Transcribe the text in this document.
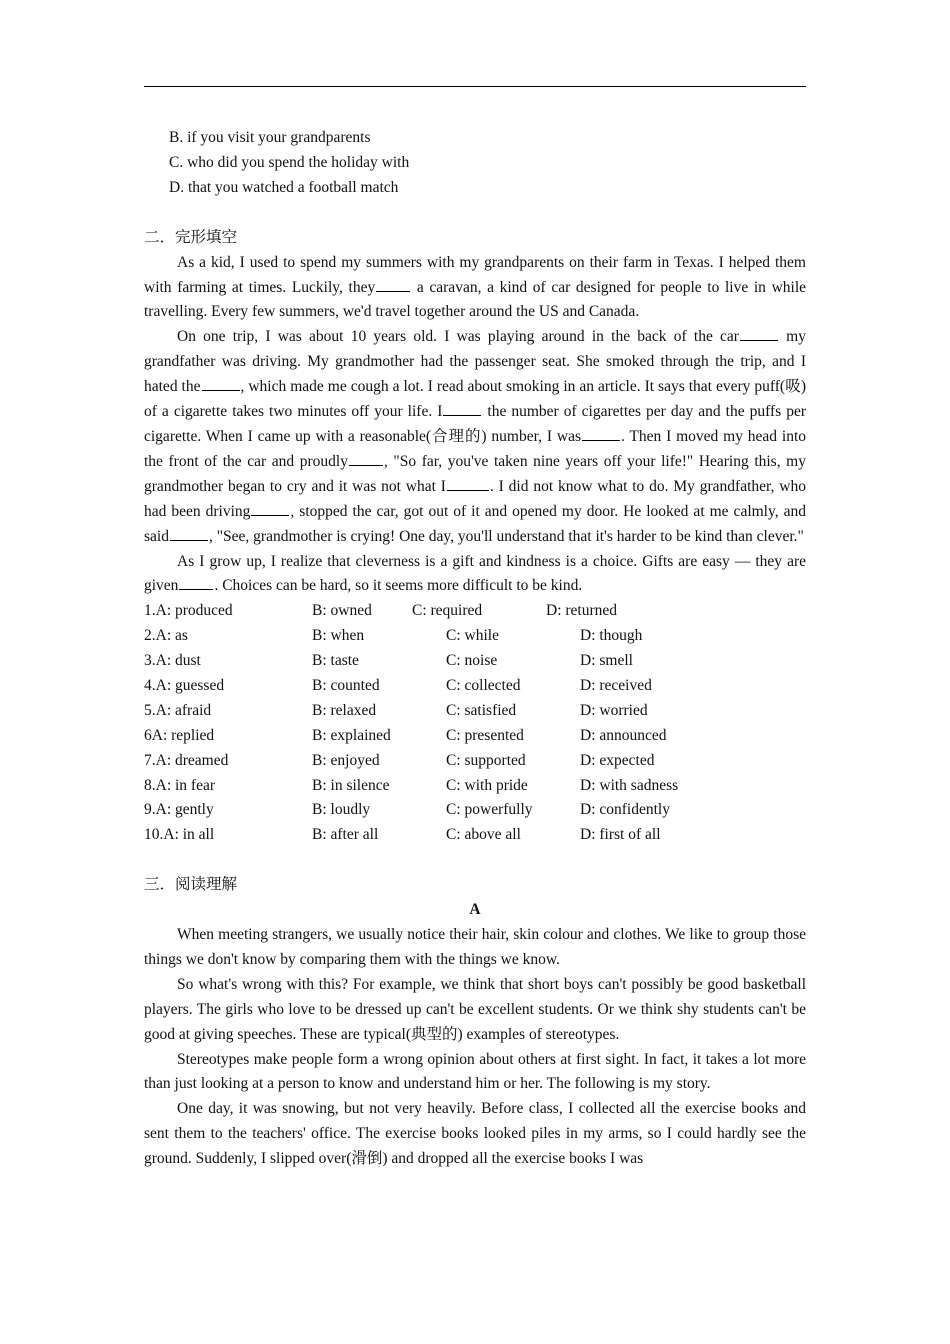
B. if you visit your grandparents
C. who did you spend the holiday with
D. that you watched a football match
二．完形填空

As a kid, I used to spend my summers with my grandparents on their farm in Texas. I helped them with farming at times. Luckily, they a caravan, a kind of car designed for people to live in while travelling. Every few summers, we'd travel together around the US and Canada.

On one trip, I was about 10 years old. I was playing around in the back of the car	my grandfather was driving. My grandmother had the passenger seat. She smoked through the trip, and I hated the	, which made me cough a lot. I read about smoking in an article. It says that every puff(吸) of a cigarette takes two minutes off your life. I	the number of cigarettes per day and the puffs per cigarette. When I came up with a reasonable(合理的) number, I was	. Then I moved my head into the front of the car and proudly , "So far, you've taken nine years off your life!" Hearing this, my grandmother began to cry and it was not what I	. I did not know what to do. My grandfather, who had been driving	, stopped the car, got out of it and opened my door. He looked at me calmly, and said	, "See, grandmother is crying! One day, you'll understand that it's harder to be kind than clever."

As I grow up, I realize that cleverness is a gift and kindness is a choice. Gifts are easy — they are given . Choices can be hard, so it seems more difficult to be kind.

1.A: produced	B: owned	C: required	D: returned
2.A: as	B: when	C: while	D: though
3.A: dust	B: taste	C: noise	D: smell
4.A: guessed	B: counted	C: collected	D: received
5.A: afraid	B: relaxed	C: satisfied	D: worried
6A: replied	B: explained	C: presented	D: announced
7.A: dreamed	B: enjoyed	C: supported	D: expected
8.A: in fear	B: in silence	C: with pride	D: with sadness
9.A: gently	B: loudly	C: powerfully	D: confidently
10.A: in all	B: after all	C: above all	D: first of all
三．阅读理解
A

When meeting strangers, we usually notice their hair, skin colour and clothes. We like to group those things we don't know by comparing them with the things we know.

So what's wrong with this? For example, we think that short boys can't possibly be good basketball players. The girls who love to be dressed up can't be excellent students. Or we think shy students can't be good at giving speeches. These are typical(典型的) examples of stereotypes.

Stereotypes make people form a wrong opinion about others at first sight. In fact, it takes a lot more than just looking at a person to know and understand him or her. The following is my story.

One day, it was snowing, but not very heavily. Before class, I collected all the exercise books and sent them to the teachers' office. The exercise books looked piles in my arms, so I could hardly see the ground. Suddenly, I slipped over(滑倒) and dropped all the exercise books I was
